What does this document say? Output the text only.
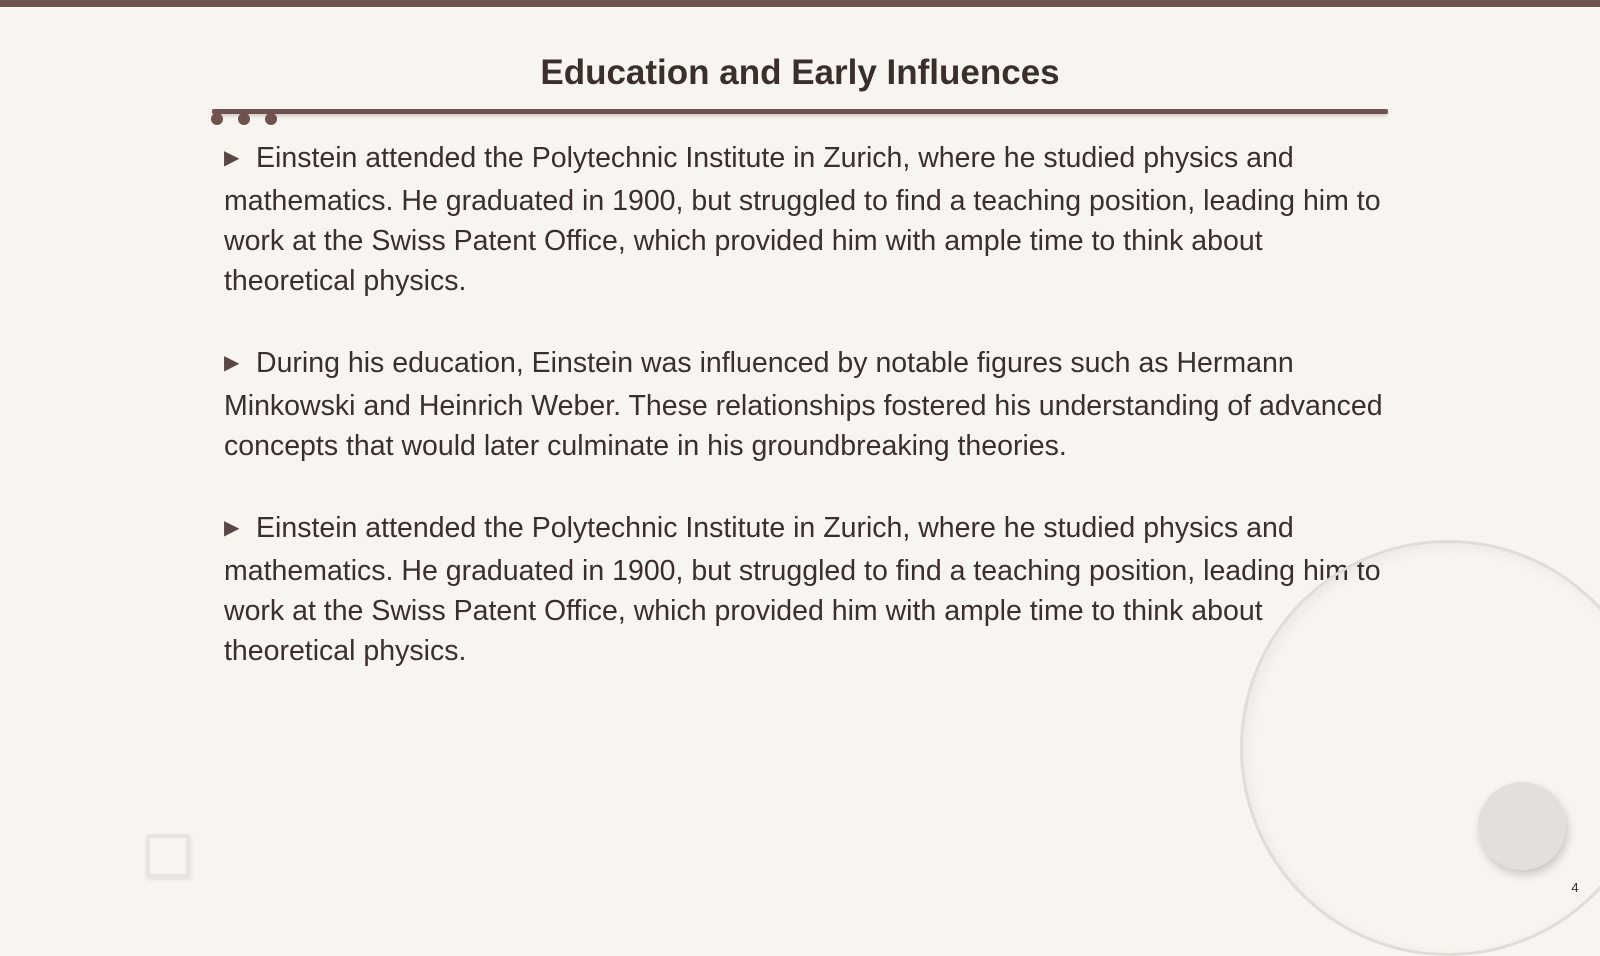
Education and Early Influences

▶ Einstein attended the Polytechnic Institute in Zurich, where he studied physics and mathematics. He graduated in 1900, but struggled to find a teaching position, leading him to work at the Swiss Patent Office, which provided him with ample time to think about theoretical physics.

▶ During his education, Einstein was influenced by notable figures such as Hermann Minkowski and Heinrich Weber. These relationships fostered his understanding of advanced concepts that would later culminate in his groundbreaking theories.

▶ Einstein attended the Polytechnic Institute in Zurich, where he studied physics and mathematics. He graduated in 1900, but struggled to find a teaching position, leading him to work at the Swiss Patent Office, which provided him with ample time to think about theoretical physics.

4
